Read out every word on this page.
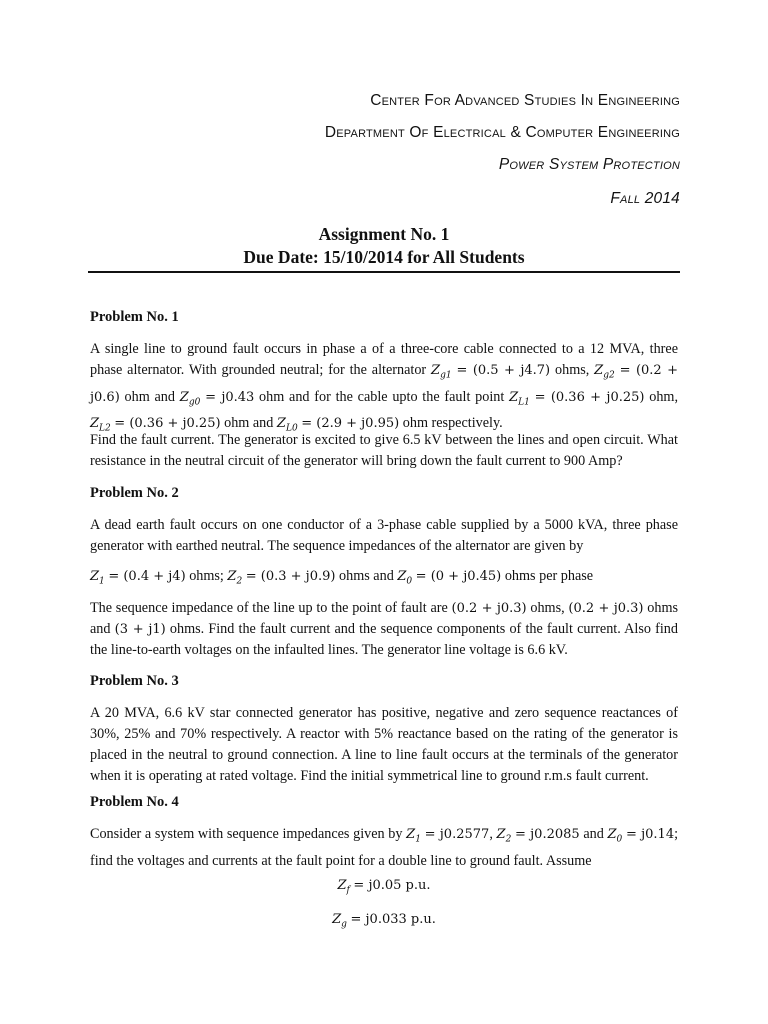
Center For Advanced Studies In Engineering
Department Of Electrical & Computer Engineering
Power System Protection
Fall 2014
Assignment No. 1
Due Date: 15/10/2014 for All Students
Problem No. 1
A single line to ground fault occurs in phase a of a three-core cable connected to a 12 MVA, three phase alternator. With grounded neutral; for the alternator $Z_{g1} = (0.5 + j4.7)$ ohms, $Z_{g2} = (0.2 + j0.6)$ ohm and $Z_{g0} = j0.43$ ohm and for the cable upto the fault point $Z_{L1} = (0.36 + j0.25)$ ohm, $Z_{L2} = (0.36 + j0.25)$ ohm and $Z_{L0} = (2.9 + j0.95)$ ohm respectively.
Find the fault current. The generator is excited to give 6.5 kV between the lines and open circuit. What resistance in the neutral circuit of the generator will bring down the fault current to 900 Amp?
Problem No. 2
A dead earth fault occurs on one conductor of a 3-phase cable supplied by a 5000 kVA, three phase generator with earthed neutral. The sequence impedances of the alternator are given by
$Z_1 = (0.4 + j4)$ ohms; $Z_2 = (0.3 + j0.9)$ ohms and $Z_0 = (0 + j0.45)$ ohms per phase
The sequence impedance of the line up to the point of fault are (0.2 + j0.3) ohms, (0.2 + j0.3) ohms and (3 + j1) ohms. Find the fault current and the sequence components of the fault current. Also find the line-to-earth voltages on the infaulted lines. The generator line voltage is 6.6 kV.
Problem No. 3
A 20 MVA, 6.6 kV star connected generator has positive, negative and zero sequence reactances of 30%, 25% and 70% respectively. A reactor with 5% reactance based on the rating of the generator is placed in the neutral to ground connection. A line to line fault occurs at the terminals of the generator when it is operating at rated voltage. Find the initial symmetrical line to ground r.m.s fault current.
Problem No. 4
Consider a system with sequence impedances given by $Z_1 = j0.2577$, $Z_2 = j0.2085$ and $Z_0 = j0.14$; find the voltages and currents at the fault point for a double line to ground fault. Assume
$Z_f = j0.05$ p.u.
$Z_g = j0.033$ p.u.
